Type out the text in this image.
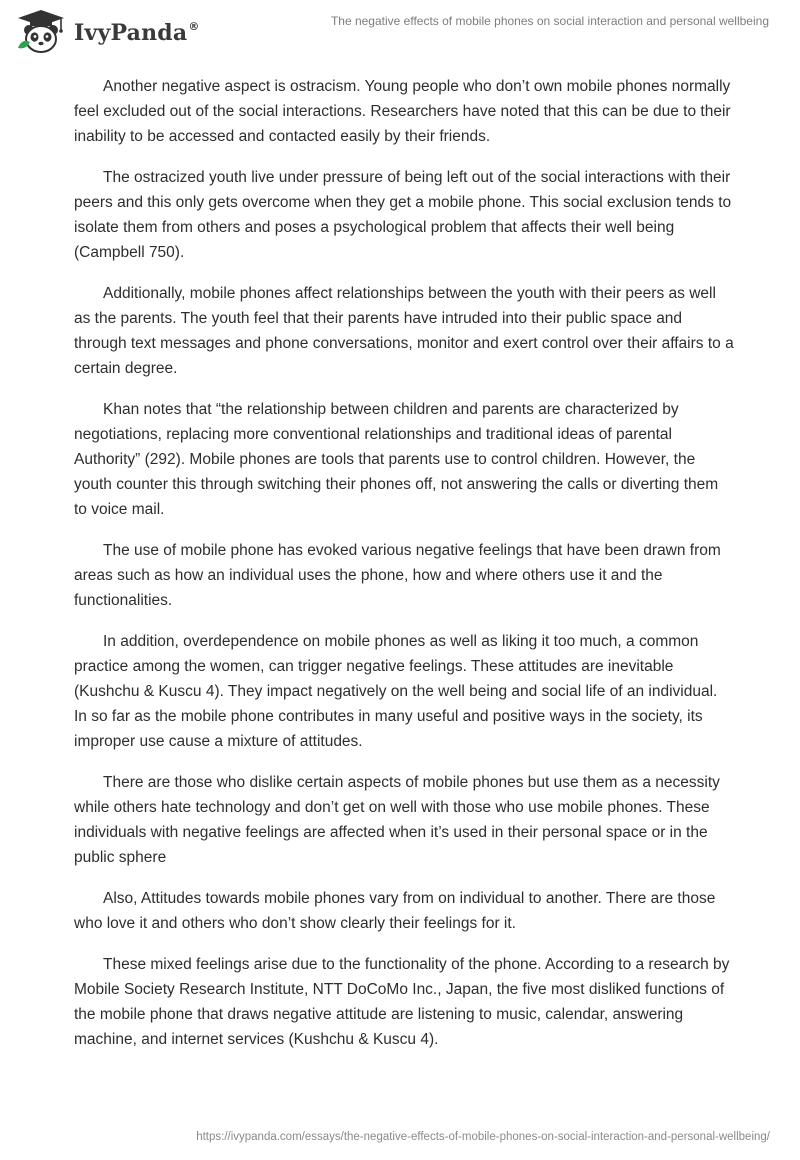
IvyPanda®	The negative effects of mobile phones on social interaction and personal wellbeing

Another negative aspect is ostracism. Young people who don’t own mobile phones normally feel excluded out of the social interactions. Researchers have noted that this can be due to their inability to be accessed and contacted easily by their friends.

The ostracized youth live under pressure of being left out of the social interactions with their peers and this only gets overcome when they get a mobile phone. This social exclusion tends to isolate them from others and poses a psychological problem that affects their well being (Campbell 750).

Additionally, mobile phones affect relationships between the youth with their peers as well as the parents. The youth feel that their parents have intruded into their public space and through text messages and phone conversations, monitor and exert control over their affairs to a certain degree.

Khan notes that “the relationship between children and parents are characterized by negotiations, replacing more conventional relationships and traditional ideas of parental Authority” (292). Mobile phones are tools that parents use to control children. However, the youth counter this through switching their phones off, not answering the calls or diverting them to voice mail.

The use of mobile phone has evoked various negative feelings that have been drawn from areas such as how an individual uses the phone, how and where others use it and the functionalities.

In addition, overdependence on mobile phones as well as liking it too much, a common practice among the women, can trigger negative feelings. These attitudes are inevitable (Kushchu & Kuscu 4). They impact negatively on the well being and social life of an individual. In so far as the mobile phone contributes in many useful and positive ways in the society, its improper use cause a mixture of attitudes.

There are those who dislike certain aspects of mobile phones but use them as a necessity while others hate technology and don’t get on well with those who use mobile phones. These individuals with negative feelings are affected when it’s used in their personal space or in the public sphere

Also, Attitudes towards mobile phones vary from on individual to another. There are those who love it and others who don’t show clearly their feelings for it.

These mixed feelings arise due to the functionality of the phone. According to a research by Mobile Society Research Institute, NTT DoCoMo Inc., Japan, the five most disliked functions of the mobile phone that draws negative attitude are listening to music, calendar, answering machine, and internet services (Kushchu & Kuscu 4).

https://ivypanda.com/essays/the-negative-effects-of-mobile-phones-on-social-interaction-and-personal-wellbeing/
